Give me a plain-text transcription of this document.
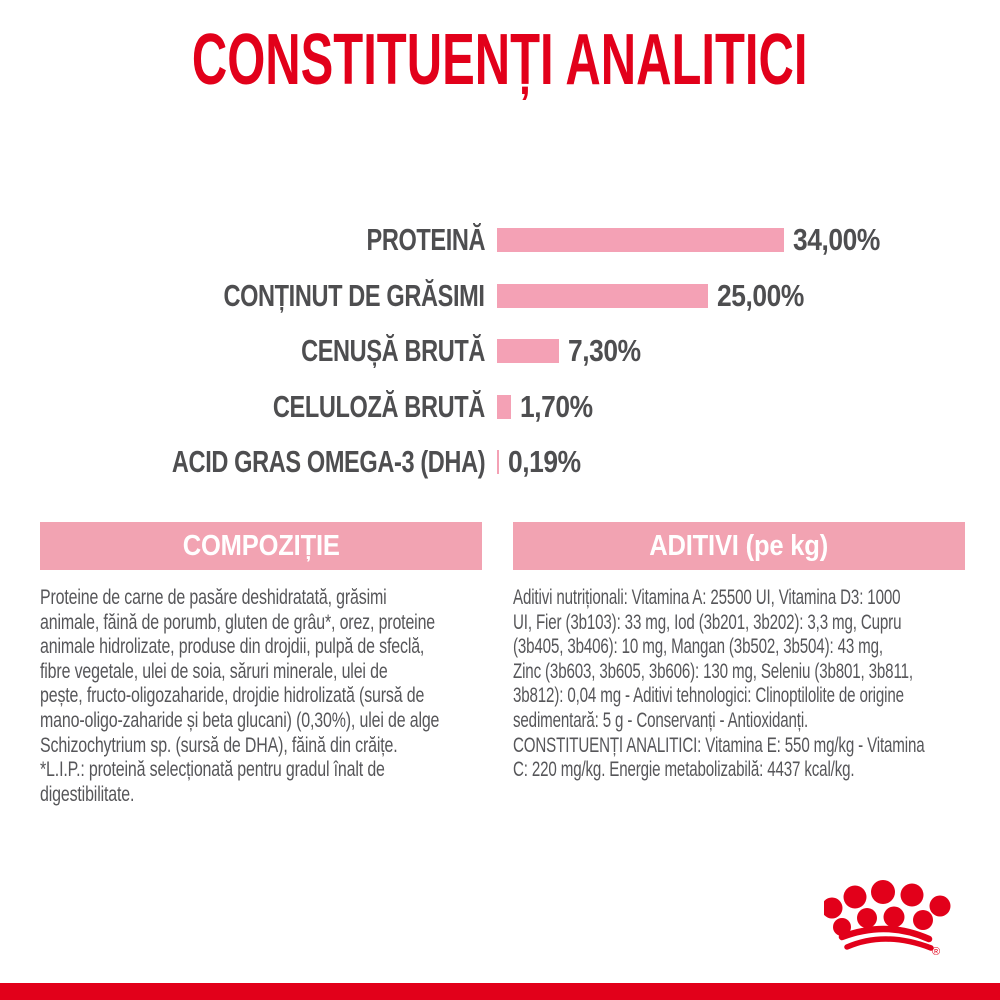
CONSTITUENȚI ANALITICI
PROTEINĂ	34,00%
CONȚINUT DE GRĂSIMI	25,00%
CENUȘĂ BRUTĂ	7,30%
CELULOZĂ BRUTĂ 1,70%
ACID GRAS OMEGA-3 (DHA) 0,19%
COMPOZIȚIE	ADITIVI (pe kg)
Proteine de carne de pasăre deshidratată, grăsimi
animale, făină de porumb, gluten de grâu*, orez, proteine
animale hidrolizate, produse din drojdii, pulpă de sfeclă,
fibre vegetale, ulei de soia, săruri minerale, ulei de
pește, fructo-oligozaharide, drojdie hidrolizată (sursă de
mano-oligo-zaharide și beta glucani) (0,30%), ulei de alge
Schizochytrium sp. (sursă de DHA), făină din crăițe.
*L.I.P.: proteină selecționată pentru gradul înalt de
digestibilitate.
Aditivi nutriționali: Vitamina A: 25500 UI, Vitamina D3: 1000
UI, Fier (3b103): 33 mg, Iod (3b201, 3b202): 3,3 mg, Cupru
(3b405, 3b406): 10 mg, Mangan (3b502, 3b504): 43 mg,
Zinc (3b603, 3b605, 3b606): 130 mg, Seleniu (3b801, 3b811,
3b812): 0,04 mg - Aditivi tehnologici: Clinoptilolite de origine
sedimentară: 5 g - Conservanți - Antioxidanți.
CONSTITUENȚI ANALITICI: Vitamina E: 550 mg/kg - Vitamina
C: 220 mg/kg. Energie metabolizabilă: 4437 kcal/kg.
®
